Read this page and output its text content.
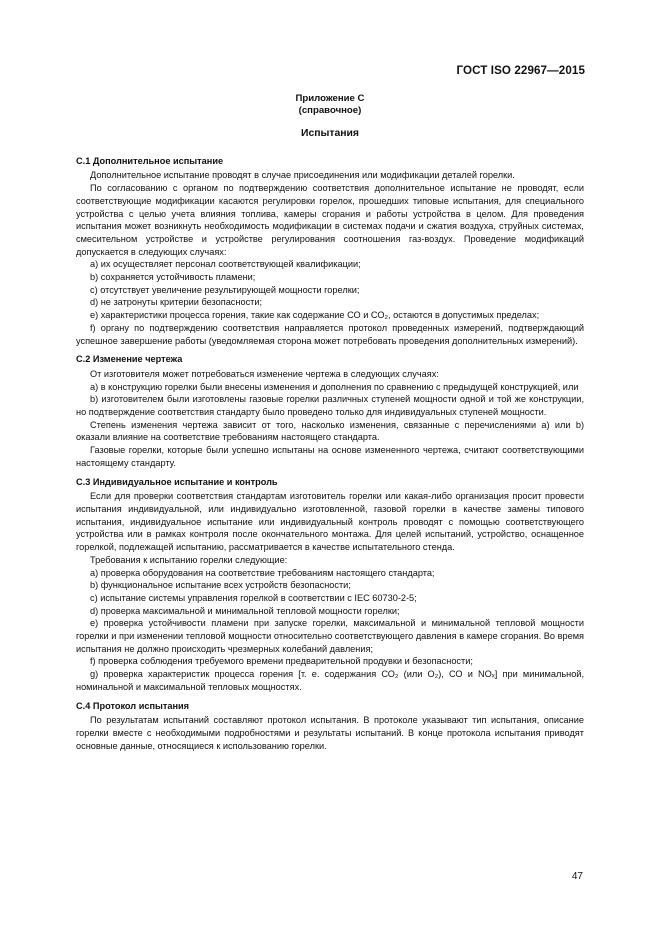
ГОСТ ISO 22967—2015
Приложение С
(справочное)
Испытания
С.1 Дополнительное испытание

Дополнительное испытание проводят в случае присоединения или модификации деталей горелки.

По согласованию с органом по подтверждению соответствия дополнительное испытание не проводят, если соответствующие модификации касаются регулировки горелок, прошедших типовые испытания, для специального устройства с целью учета влияния топлива, камеры сгорания и работы устройства в целом. Для проведения испытания может возникнуть необходимость модификации в системах подачи и сжатия воздуха, струйных системах, смесительном устройстве и устройстве регулирования соотношения газ-воздух. Проведение модификаций допускается в следующих случаях:

а) их осуществляет персонал соответствующей квалификации;

b) сохраняется устойчивость пламени;

с) отсутствует увеличение результирующей мощности горелки;

d) не затронуты критерии безопасности;

е) характеристики процесса горения, такие как содержание СО и СО₂, остаются в допустимых пределах;

f) органу по подтверждению соответствия направляется протокол проведенных измерений, подтверждающий успешное завершение работы (уведомляемая сторона может потребовать проведения дополнительных измерений).

С.2 Изменение чертежа

От изготовителя может потребоваться изменение чертежа в следующих случаях:

а) в конструкцию горелки были внесены изменения и дополнения по сравнению с предыдущей конструкцией, или

b) изготовителем были изготовлены газовые горелки различных ступеней мощности одной и той же конструкции, но подтверждение соответствия стандарту было проведено только для индивидуальных ступеней мощности.

Степень изменения чертежа зависит от того, насколько изменения, связанные с перечислениями а) или b) оказали влияние на соответствие требованиям настоящего стандарта.

Газовые горелки, которые были успешно испытаны на основе измененного чертежа, считают соответствующими настоящему стандарту.

С.3 Индивидуальное испытание и контроль

Если для проверки соответствия стандартам изготовитель горелки или какая-либо организация просит провести испытания индивидуальной, или индивидуально изготовленной, газовой горелки в качестве замены типового испытания, индивидуальное испытание или индивидуальный контроль проводят с помощью соответствующего устройства или в рамках контроля после окончательного монтажа. Для целей испытаний, устройство, оснащенное горелкой, подлежащей испытанию, рассматривается в качестве испытательного стенда.

Требования к испытанию горелки следующие:

а) проверка оборудования на соответствие требованиям настоящего стандарта;

b) функциональное испытание всех устройств безопасности;

с) испытание системы управления горелкой в соответствии с IEC 60730-2-5;

d) проверка максимальной и минимальной тепловой мощности горелки;

е) проверка устойчивости пламени при запуске горелки, максимальной и минимальной тепловой мощности горелки и при изменении тепловой мощности относительно соответствующего давления в камере сгорания. Во время испытания не должно происходить чрезмерных колебаний давления;

f) проверка соблюдения требуемого времени предварительной продувки и безопасности;

g) проверка характеристик процесса горения [т. е. содержания СО₂ (или О₂), СО и NOₓ] при минимальной, номинальной и максимальной тепловых мощностях.

С.4 Протокол испытания

По результатам испытаний составляют протокол испытания. В протоколе указывают тип испытания, описание горелки вместе с необходимыми подробностями и результаты испытаний. В конце протокола испытания приводят основные данные, относящиеся к использованию горелки.

47
